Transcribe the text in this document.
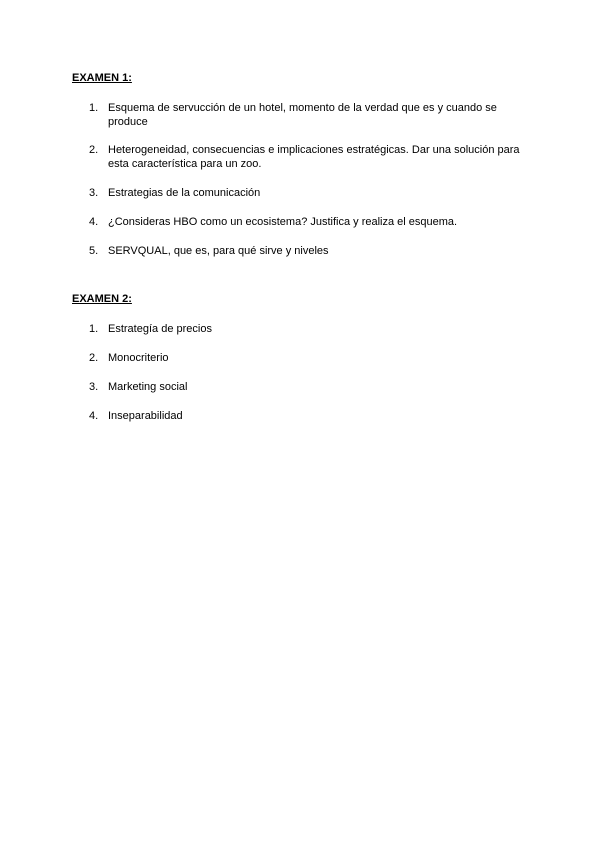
EXAMEN 1:

1. Esquema de servucción de un hotel, momento de la verdad que es y cuando se produce
2. Heterogeneidad, consecuencias e implicaciones estratégicas. Dar una solución para esta característica para un zoo.
3. Estrategias de la comunicación
4. ¿Consideras HBO como un ecosistema? Justifica y realiza el esquema.
5. SERVQUAL, que es, para qué sirve y niveles

EXAMEN 2:

1. Estrategía de precios
2. Monocriterio
3. Marketing social
4. Inseparabilidad
